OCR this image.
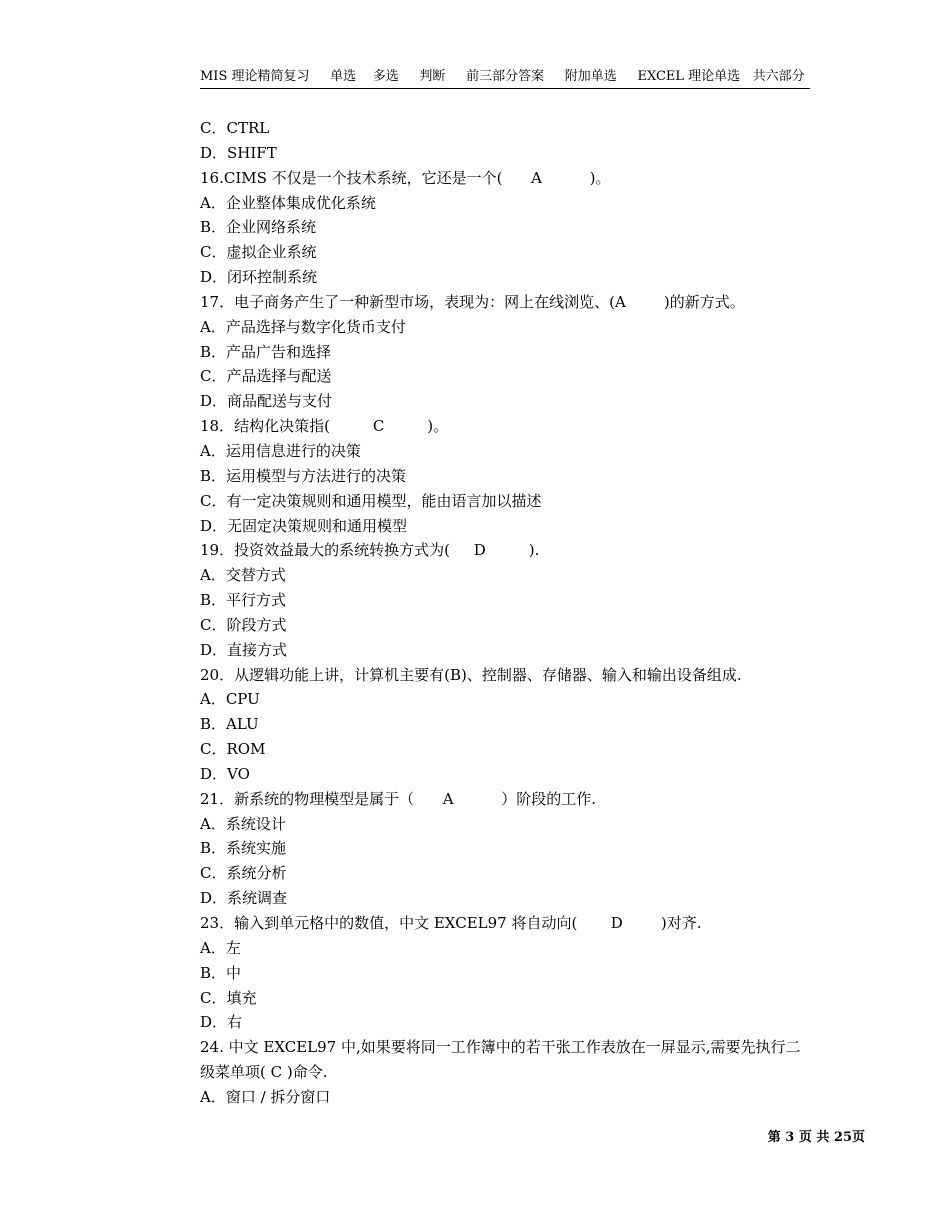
MIS 理论精简复习 单选 多选 判断 前三部分答案 附加单选 EXCEL 理论单选 共六部分
C．CTRL
D．SHIFT
16.CIMS 不仅是一个技术系统，它还是一个(      A          )。
A．企业整体集成优化系统
B．企业网络系统
C．虚拟企业系统
D．闭环控制系统
17．电子商务产生了一种新型市场，表现为：网上在线浏览、(A        )的新方式。
A．产品选择与数字化货币支付
B．产品广告和选择
C．产品选择与配送
D．商品配送与支付
18．结构化决策指(         C         )。
A．运用信息进行的决策
B．运用模型与方法进行的决策
C．有一定决策规则和通用模型，能由语言加以描述
D．无固定决策规则和通用模型
19．投资效益最大的系统转换方式为(     D         ).
A．交替方式
B．平行方式
C．阶段方式
D．直接方式
20．从逻辑功能上讲，计算机主要有(B)、控制器、存储器、输入和输出设备组成.
A．CPU
B．ALU
C．ROM
D．VO
21．新系统的物理模型是属于（      A          ）阶段的工作.
A．系统设计
B．系统实施
C．系统分析
D．系统调查
23．输入到单元格中的数值，中文 EXCEL97 将自动向(       D        )对齐.
A．左
B．中
C．填充
D．右
24. 中文 EXCEL97 中,如果要将同一工作簿中的若干张工作表放在一屏显示,需要先执行二级菜单项( C )命令.
A．窗口 / 拆分窗口
第 3 页 共 25页
